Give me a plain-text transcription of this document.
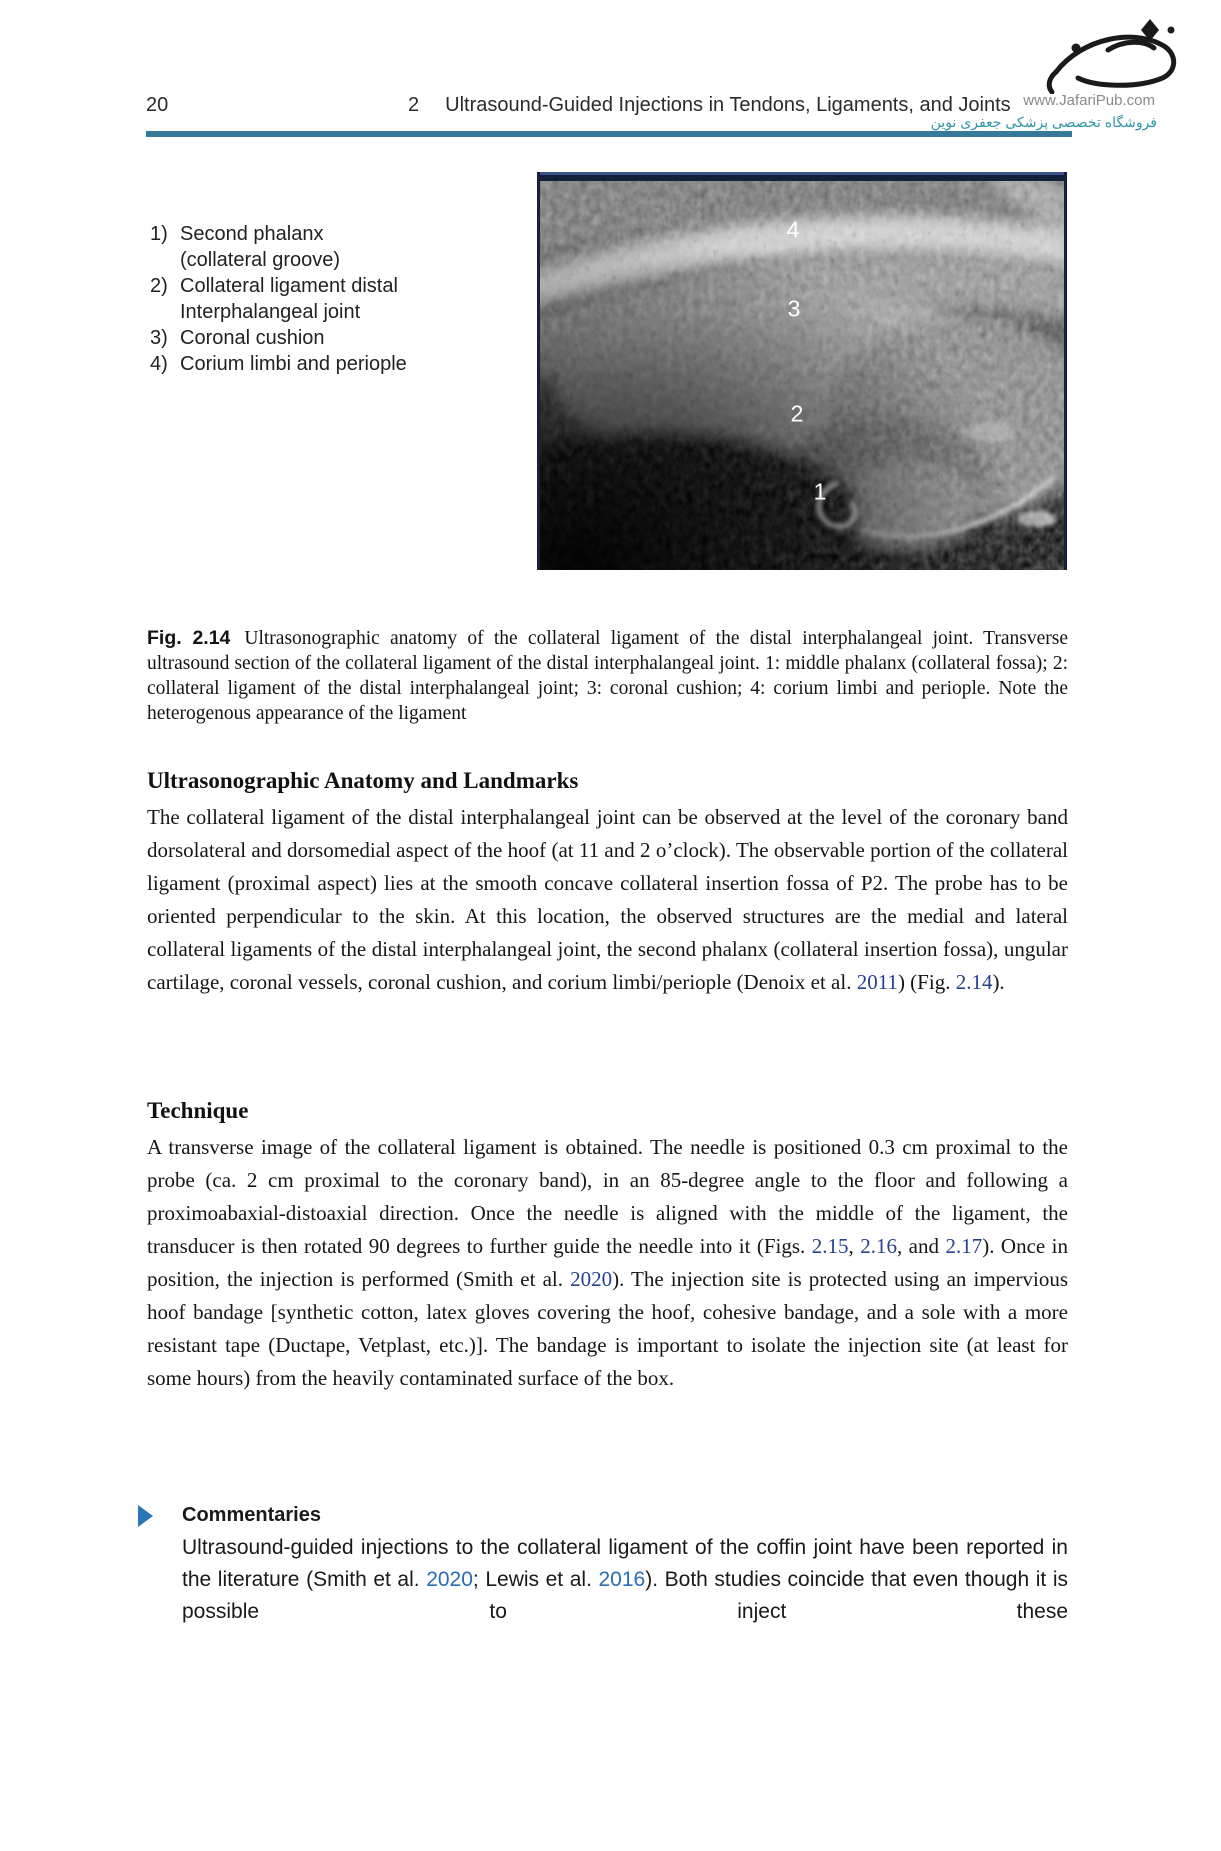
20	2 Ultrasound-Guided Injections in Tendons, Ligaments, and Joints www.JafariPub.com
فروشگاه تخصصی پزشکی جعفری نوین
1) Second phalanx (collateral groove)
2) Collateral ligament distal Interphalangeal joint
3) Coronal cushion
4) Corium limbi and periople
4
3
2
1

Fig. 2.14 Ultrasonographic anatomy of the collateral ligament of the distal interphalangeal joint. Transverse ultrasound section of the collateral ligament of the distal interphalangeal joint. 1: middle phalanx (collateral fossa); 2: collateral ligament of the distal interphalangeal joint; 3: coronal cushion; 4: corium limbi and periople. Note the heterogenous appearance of the ligament

Ultrasonographic Anatomy and Landmarks

The collateral ligament of the distal interphalangeal joint can be observed at the level of the coronary band dorsolateral and dorsomedial aspect of the hoof (at 11 and 2 o’clock). The observable portion of the collateral ligament (proximal aspect) lies at the smooth concave collateral insertion fossa of P2. The probe has to be oriented perpendicular to the skin. At this location, the observed structures are the medial and lateral collateral ligaments of the distal interphalangeal joint, the second phalanx (collateral insertion fossa), ungular cartilage, coronal vessels, coronal cushion, and corium limbi/periople (Denoix et al. 2011) (Fig. 2.14).

Technique

A transverse image of the collateral ligament is obtained. The needle is positioned 0.3 cm proximal to the probe (ca. 2 cm proximal to the coronary band), in an 85-degree angle to the floor and following a proximoabaxial-distoaxial direction. Once the needle is aligned with the middle of the ligament, the transducer is then rotated 90 degrees to further guide the needle into it (Figs. 2.15, 2.16, and 2.17). Once in position, the injection is performed (Smith et al. 2020). The injection site is protected using an impervious hoof bandage [synthetic cotton, latex gloves covering the hoof, cohesive bandage, and a sole with a more resistant tape (Ductape, Vetplast, etc.)]. The bandage is important to isolate the injection site (at least for some hours) from the heavily contaminated surface of the box.

Commentaries

Ultrasound-guided injections to the collateral ligament of the coffin joint have been reported in the literature (Smith et al. 2020; Lewis et al. 2016). Both studies coincide that even though it is possible to inject these
